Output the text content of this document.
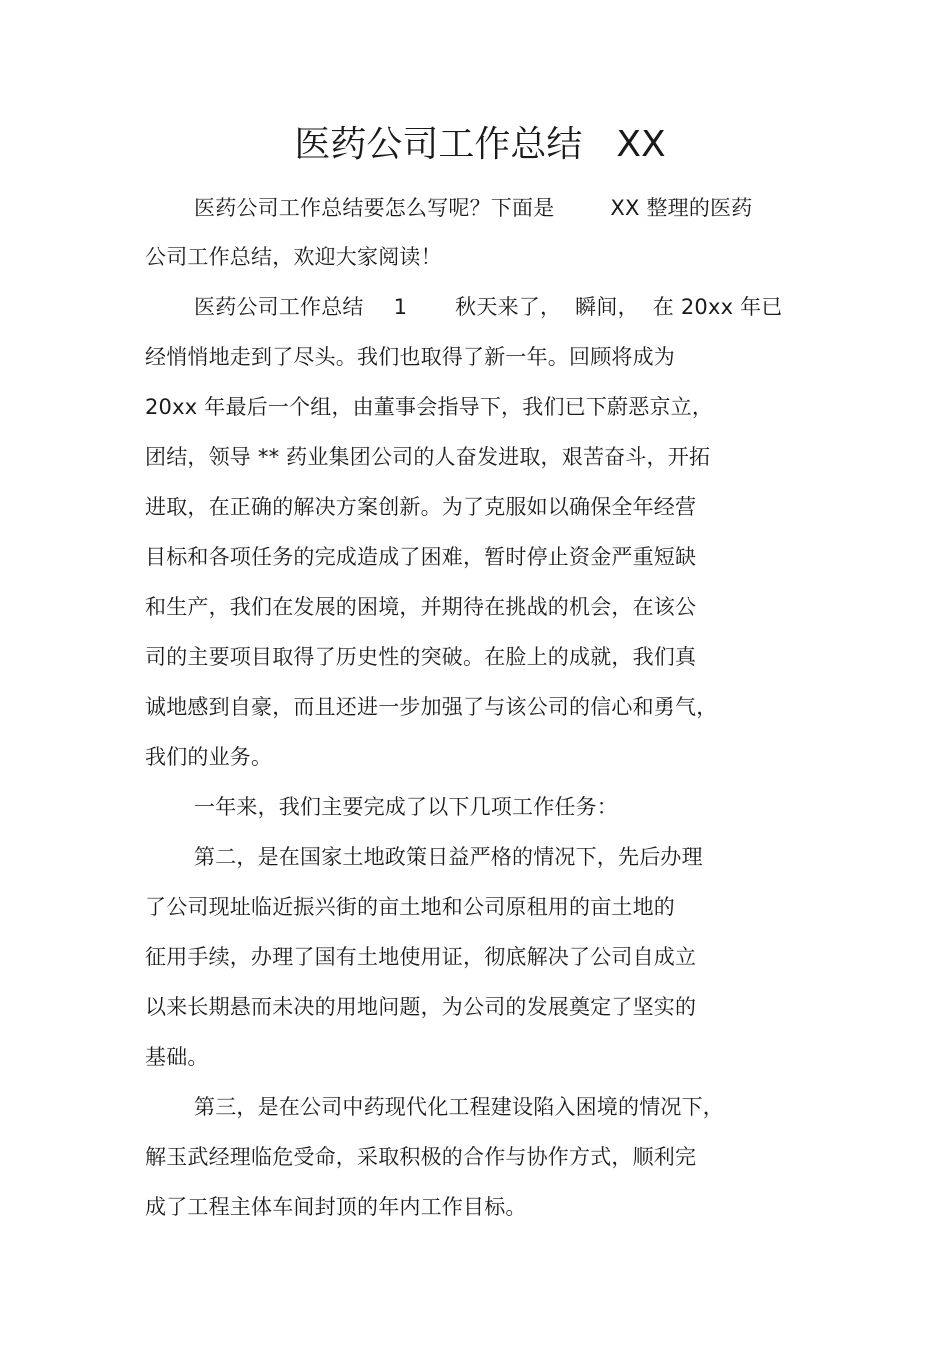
医药公司工作总结 XX
医药公司工作总结要怎么写呢？下面是	XX 整理的医药
公司工作总结，欢迎大家阅读！
医药公司工作总结 1 秋天来了， 瞬间， 在 20xx 年已
经悄悄地走到了尽头。我们也取得了新一年。回顾将成为
20xx 年最后一个组，由董事会指导下，我们已下蔚恶京立，
团结，领导 ** 药业集团公司的人奋发进取，艰苦奋斗，开拓
进取，在正确的解决方案创新。为了克服如以确保全年经营
目标和各项任务的完成造成了困难，暂时停止资金严重短缺
和生产，我们在发展的困境，并期待在挑战的机会，在该公
司的主要项目取得了历史性的突破。在脸上的成就，我们真
诚地感到自豪，而且还进一步加强了与该公司的信心和勇气，
我们的业务。
一年来，我们主要完成了以下几项工作任务：
第二，是在国家土地政策日益严格的情况下，先后办理
了公司现址临近振兴街的亩土地和公司原租用的亩土地的
征用手续，办理了国有土地使用证，彻底解决了公司自成立
以来长期悬而未决的用地问题，为公司的发展奠定了坚实的
基础。
第三，是在公司中药现代化工程建设陷入困境的情况下，
解玉武经理临危受命，采取积极的合作与协作方式，顺利完
成了工程主体车间封顶的年内工作目标。
